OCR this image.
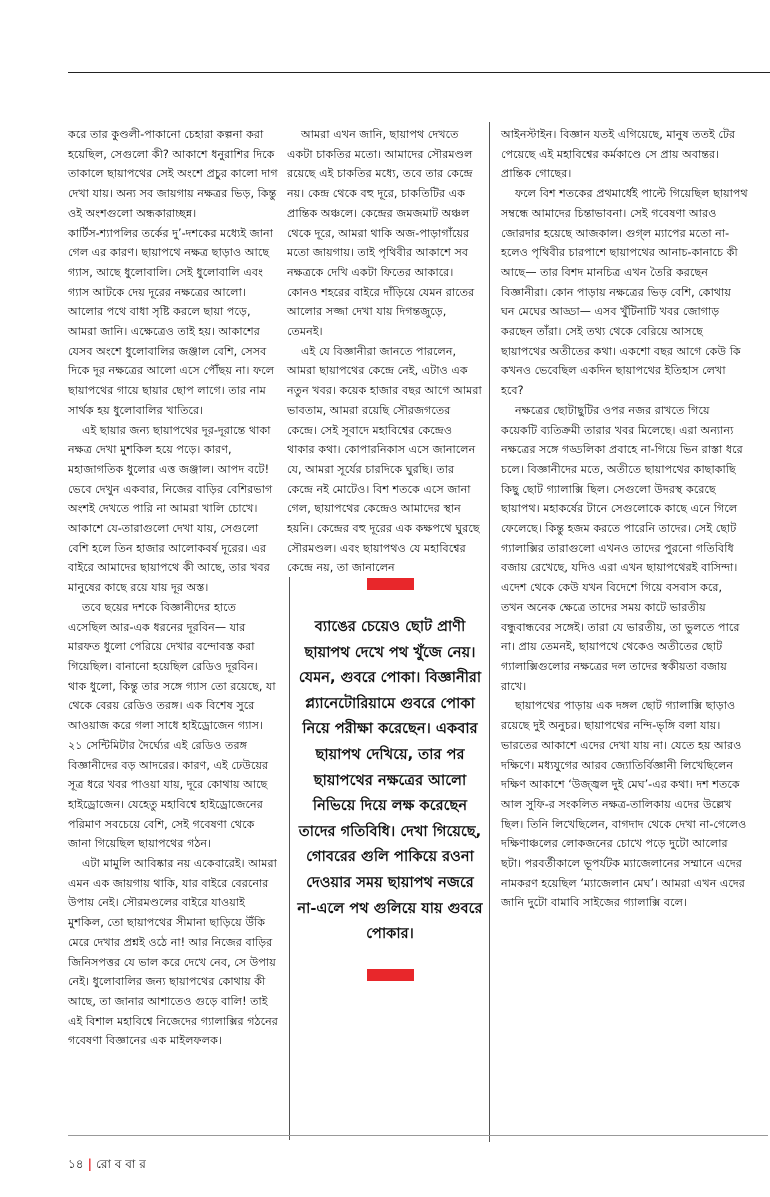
করে তার কুণ্ডলী-পাকানো চেহারা কল্পনা করা হয়েছিল, সেগুলো কী? আকাশে ধনুরাশির দিকে তাকালে ছায়াপথের সেই অংশে প্রচুর কালো দাগ দেখা যায়। অন্য সব জায়গায় নক্ষত্রর ভিড়, কিন্তু ওই অংশগুলো অন্ধকারাচ্ছন্ন।

কার্টিস-শ্যাপলির তর্কের দু’-দশকের মধ্যেই জানা গেল এর কারণ। ছায়াপথে নক্ষত্র ছাড়াও আছে গ্যাস, আছে ধুলোবালি। সেই ধুলোবালি এবং গ্যাস আটকে দেয় দূরের নক্ষত্রের আলো। আলোর পথে বাধা সৃষ্টি করলে ছায়া পড়ে, আমরা জানি। এক্ষেত্রেও তাই হয়। আকাশের যেসব অংশে ধুলোবালির জঞ্জাল বেশি, সেসব দিকে দূর নক্ষত্রের আলো এসে পৌঁছয় না। ফলে ছায়াপথের গায়ে ছায়ার ছোপ লাগে। তার নাম সার্থক হয় ধুলোবালির খাতিরে।

এই ছায়ার জন্য ছায়াপথের দূর-দূরান্তে থাকা নক্ষত্র দেখা মুশকিল হয়ে পড়ে। কারণ, মহাজাগতিক ধুলোর এত্ত জঞ্জাল। আপদ বটে! ভেবে দেখুন একবার, নিজের বাড়ির বেশিরভাগ অংশই দেখতে পারি না আমরা খালি চোখে। আকাশে যে-তারাগুলো দেখা যায়, সেগুলো বেশি হলে তিন হাজার আলোকবর্ষ দূরের। এর বাইরে আমাদের ছায়াপথে কী আছে, তার খবর মানুষের কাছে রয়ে যায় দূর অস্ত।

তবে ছয়ের দশকে বিজ্ঞানীদের হাতে এসেছিল আর-এক ধরনের দূরবিন— যার মারফত ধুলো পেরিয়ে দেখার বন্দোবস্ত করা গিয়েছিল। বানানো হয়েছিল রেডিও দূরবিন। থাক ধুলো, কিন্তু তার সঙ্গে গ্যাস তো রয়েছে, যা থেকে বেরয় রেডিও তরঙ্গ। এক বিশেষ সুরে আওয়াজ করে গলা সাধে হাইড্রোজেন গ্যাস। ২১ সেন্টিমিটার দৈর্ঘ্যের এই রেডিও তরঙ্গ বিজ্ঞানীদের বড় আদরের। কারণ, এই ঢেউয়ের সূত্র ধরে খবর পাওয়া যায়, দূরে কোথায় আছে হাইড্রোজেন। যেহেতু মহাবিশ্বে হাইড্রোজেনের পরিমাণ সবচেয়ে বেশি, সেই গবেষণা থেকে জানা গিয়েছিল ছায়াপথের গঠন।

এটা মামুলি আবিষ্কার নয় একেবারেই। আমরা এমন এক জায়গায় থাকি, যার বাইরে বেরনোর উপায় নেই। সৌরমণ্ডলের বাইরে যাওয়াই মুশকিল, তো ছায়াপথের সীমানা ছাড়িয়ে উঁকি মেরে দেখার প্রশ্নই ওঠে না! আর নিজের বাড়ির জিনিসপত্তর যে ভাল করে দেখে নেব, সে উপায় নেই। ধুলোবালির জন্য ছায়াপথের কোথায় কী আছে, তা জানার আশাতেও গুড়ে বালি! তাই এই বিশাল মহাবিশ্বে নিজেদের গ্যালাক্সির গঠনের গবেষণা বিজ্ঞানের এক মাইলফলক।

আমরা এখন জানি, ছায়াপথ দেখতে একটা চাকতির মতো। আমাদের সৌরমণ্ডল রয়েছে এই চাকতির মধ্যে, তবে তার কেন্দ্রে নয়। কেন্দ্র থেকে বহু দূরে, চাকতিটির এক প্রান্তিক অঞ্চলে। কেন্দ্রের জমজমাট অঞ্চল থেকে দূরে, আমরা থাকি অজ-পাড়াগাঁয়ের মতো জায়গায়। তাই পৃথিবীর আকাশে সব নক্ষত্রকে দেখি একটা ফিতের আকারে। কোনও শহরের বাইরে দাঁড়িয়ে যেমন রাতের আলোর সজ্জা দেখা যায় দিগন্তজুড়ে, তেমনই।

এই যে বিজ্ঞানীরা জানতে পারলেন, আমরা ছায়াপথের কেন্দ্রে নেই, এটাও এক নতুন খবর। কয়েক হাজার বছর আগে আমরা ভাবতাম, আমরা রয়েছি সৌরজগতের কেন্দ্রে। সেই সূবাদে মহাবিশ্বের কেন্দ্রেও থাকার কথা। কোপারনিকাস এসে জানালেন যে, আমরা সূর্যের চারদিকে ঘুরছি। তার কেন্দ্রে নই মোটেও। বিশ শতকে এসে জানা গেল, ছায়াপথের কেন্দ্রেও আমাদের স্থান হয়নি। কেন্দ্রের বহু দূরের এক কক্ষপথে ঘুরছে সৌরমণ্ডল। এবং ছায়াপথও যে মহাবিশ্বের কেন্দ্রে নয়, তা জানালেন

ব্যাঙের চেয়েও ছোট প্রাণী ছায়াপথ দেখে পথ খুঁজে নেয়। যেমন, গুবরে পোকা। বিজ্ঞানীরা প্ল্যানেটোরিয়ামে গুবরে পোকা নিয়ে পরীক্ষা করেছেন। একবার ছায়াপথ দেখিয়ে, তার পর ছায়াপথের নক্ষত্রের আলো নিভিয়ে দিয়ে লক্ষ করেছেন তাদের গতিবিধি। দেখা গিয়েছে, গোবরের গুলি পাকিয়ে রওনা দেওয়ার সময় ছায়াপথ নজরে না-এলে পথ গুলিয়ে যায় গুবরে পোকার।

আইনস্টাইন। বিজ্ঞান যতই এগিয়েছে, মানুষ ততই টের পেয়েছে এই মহাবিশ্বের কর্মকাণ্ডে সে প্রায় অবান্তর। প্রান্তিক গোছের।

ফলে বিশ শতকের প্রথমার্ধেই পাল্টে গিয়েছিল ছায়াপথ সম্বন্ধে আমাদের চিন্তাভাবনা। সেই গবেষণা আরও জোরদার হয়েছে আজকাল। গুগ্‌ল ম্যাপের মতো না-হলেও পৃথিবীর চারপাশে ছায়াপথের আনাচ-কানাচে কী আছে— তার বিশদ মানচিত্র এখন তৈরি করছেন বিজ্ঞানীরা। কোন পাড়ায় নক্ষত্রের ভিড় বেশি, কোথায় ঘন মেঘের আড্ডা— এসব খুঁটিনাটি খবর জোগাড় করছেন তাঁরা। সেই তথ্য থেকে বেরিয়ে আসছে ছায়াপথের অতীতের কথা। একশো বছর আগে কেউ কি কখনও ভেবেছিল একদিন ছায়াপথের ইতিহাস লেখা হবে?

নক্ষত্রের ছোটাছুটির ওপর নজর রাখতে গিয়ে কয়েকটি ব্যতিক্রমী তারার খবর মিলেছে। এরা অন্যান্য নক্ষত্রের সঙ্গে গড্ডলিকা প্রবাহে না-গিয়ে ভিন রাস্তা ধরে চলে। বিজ্ঞানীদের মতে, অতীতে ছায়াপথের কাছাকাছি কিছু ছোট গ্যালাক্সি ছিল। সেগুলো উদরস্থ করেছে ছায়াপথ। মহাকর্ষের টানে সেগুলোকে কাছে এনে গিলে ফেলেছে। কিন্তু হজম করতে পারেনি তাদের। সেই ছোট গ্যালাক্সির তারাগুলো এখনও তাদের পুরনো গতিবিধি বজায় রেখেছে, যদিও এরা এখন ছায়াপথেরই বাসিন্দা। এদেশ থেকে কেউ যখন বিদেশে গিয়ে বসবাস করে, তখন অনেক ক্ষেত্রে তাদের সময় কাটে ভারতীয় বন্ধুবান্ধবের সঙ্গেই। তারা যে ভারতীয়, তা ভুলতে পারে না। প্রায় তেমনই, ছায়াপথে থেকেও অতীতের ছোট গ্যালাক্সিগুলোর নক্ষত্রের দল তাদের স্বকীয়তা বজায় রাখে।

ছায়াপথের পাড়ায় এক দঙ্গল ছোট গ্যালাক্সি ছাড়াও রয়েছে দুই অনুচর। ছায়াপথের নন্দি-ভৃঙ্গি বলা যায়। ভারতের আকাশে এদের দেখা যায় না। যেতে হয় আরও দক্ষিণে। মধ্যযুগের আরব জ্যোতির্বিজ্ঞানী লিখেছিলেন দক্ষিণ আকাশে ‘উজ্জ্বল দুই মেঘ’-এর কথা। দশ শতকে আল সুফি-র সংকলিত নক্ষত্র-তালিকায় এদের উল্লেখ ছিল। তিনি লিখেছিলেন, বাগদাদ থেকে দেখা না-গেলেও দক্ষিণাঞ্চলের লোকজনের চোখে পড়ে দুটো আলোর ছটা। পরবর্তীকালে ভূপর্যটক ম্যাজেলানের সম্মানে এদের নামকরণ হয়েছিল ‘ম্যাজেলান মেঘ’। আমরা এখন এদের জানি দুটো বামাবি সাইজের গ্যালাক্সি বলে।

১৪ | রো ব বা র
